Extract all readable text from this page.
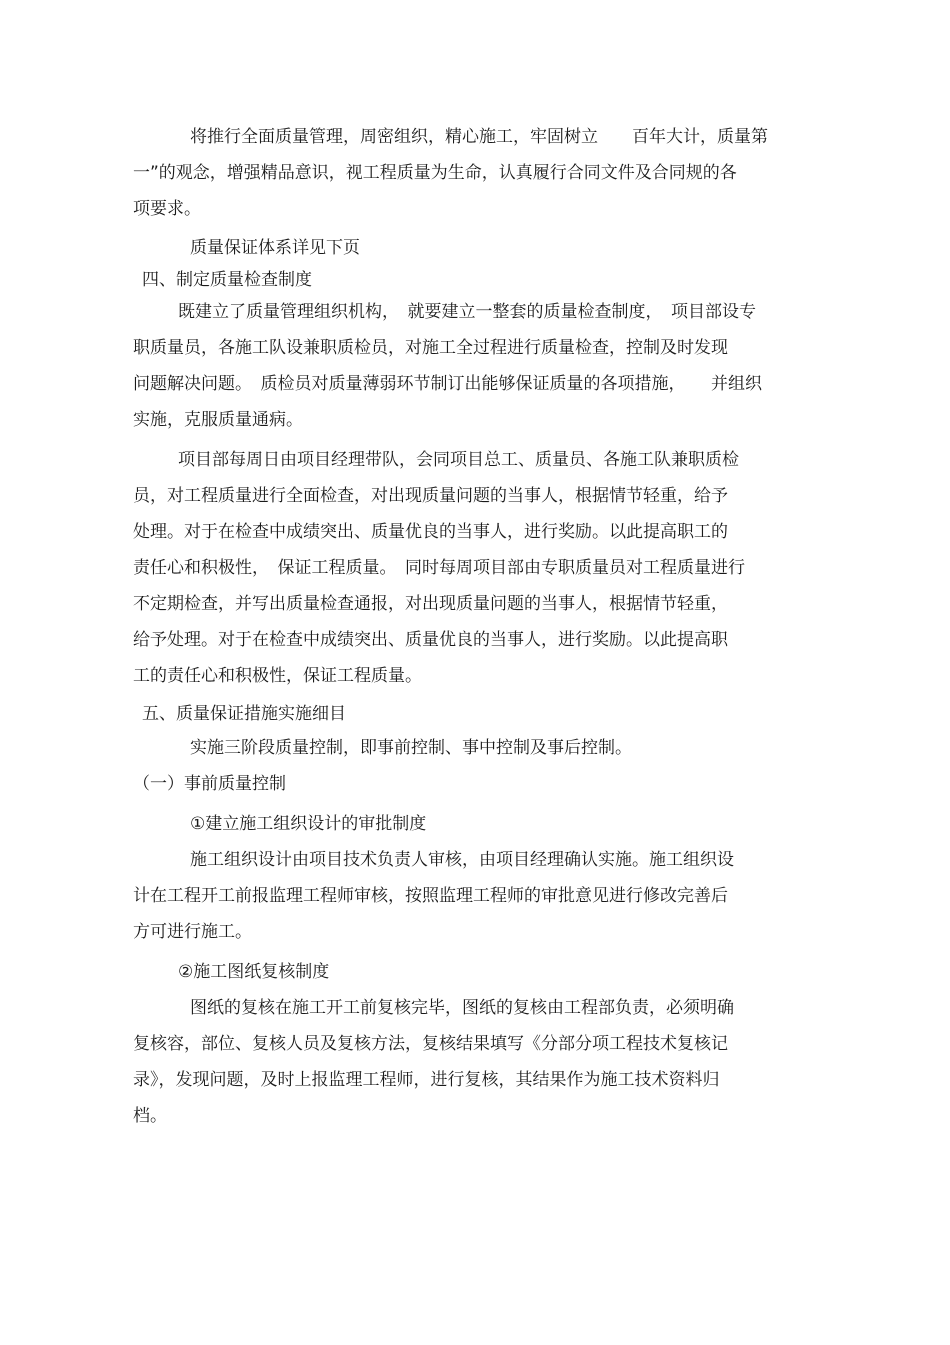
将推行全面质量管理，周密组织，精心施工，牢固树立　　百年大计，质量第

一”的观念，增强精品意识，视工程质量为生命，认真履行合同文件及合同规的各

项要求。

质量保证体系详见下页

四、制定质量检查制度

既建立了质量管理组织机构，　就要建立一整套的质量检查制度，　项目部设专

职质量员，各施工队设兼职质检员，对施工全过程进行质量检查，控制及时发现

问题解决问题。　质检员对质量薄弱环节制订出能够保证质量的各项措施，　　并组织

实施，克服质量通病。

项目部每周日由项目经理带队，会同项目总工、质量员、各施工队兼职质检

员，对工程质量进行全面检查，对出现质量问题的当事人，根据情节轻重，给予

处理。对于在检查中成绩突出、质量优良的当事人，进行奖励。以此提高职工的

责任心和积极性，　保证工程质量。　同时每周项目部由专职质量员对工程质量进行

不定期检查，并写出质量检查通报，对出现质量问题的当事人，根据情节轻重，

给予处理。对于在检查中成绩突出、质量优良的当事人，进行奖励。以此提高职

工的责任心和积极性，保证工程质量。

五、质量保证措施实施细目

实施三阶段质量控制，即事前控制、事中控制及事后控制。

（一）事前质量控制

①建立施工组织设计的审批制度

施工组织设计由项目技术负责人审核，由项目经理确认实施。施工组织设

计在工程开工前报监理工程师审核，按照监理工程师的审批意见进行修改完善后

方可进行施工。

②施工图纸复核制度

图纸的复核在施工开工前复核完毕，图纸的复核由工程部负责，必须明确

复核容，部位、复核人员及复核方法，复核结果填写《分部分项工程技术复核记

录》，发现问题，及时上报监理工程师，进行复核，其结果作为施工技术资料归

档。
